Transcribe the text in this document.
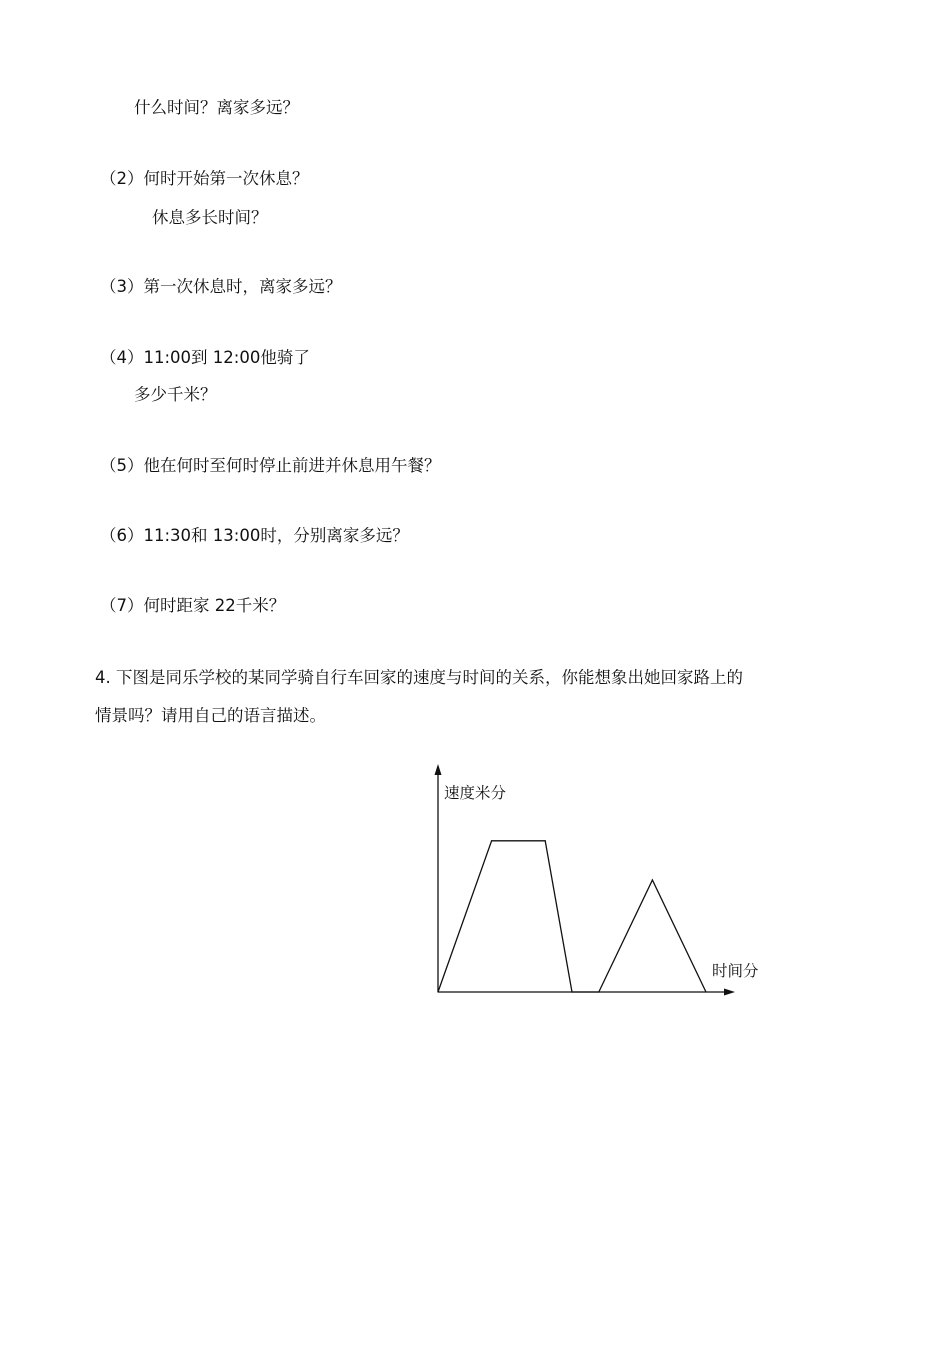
什么时间？离家多远？
（2）何时开始第一次休息？
休息多长时间？
（3）第一次休息时，离家多远？
（4）11:00到 12:00他骑了
多少千米？
（5）他在何时至何时停止前进并休息用午餐？
（6）11:30和 13:00时，分别离家多远？
（7）何时距家 22千米？
4. 下图是同乐学校的某同学骑自行车回家的速度与时间的关系，你能想象出她回家路上的
情景吗？请用自己的语言描述。
速度米分
时间分
